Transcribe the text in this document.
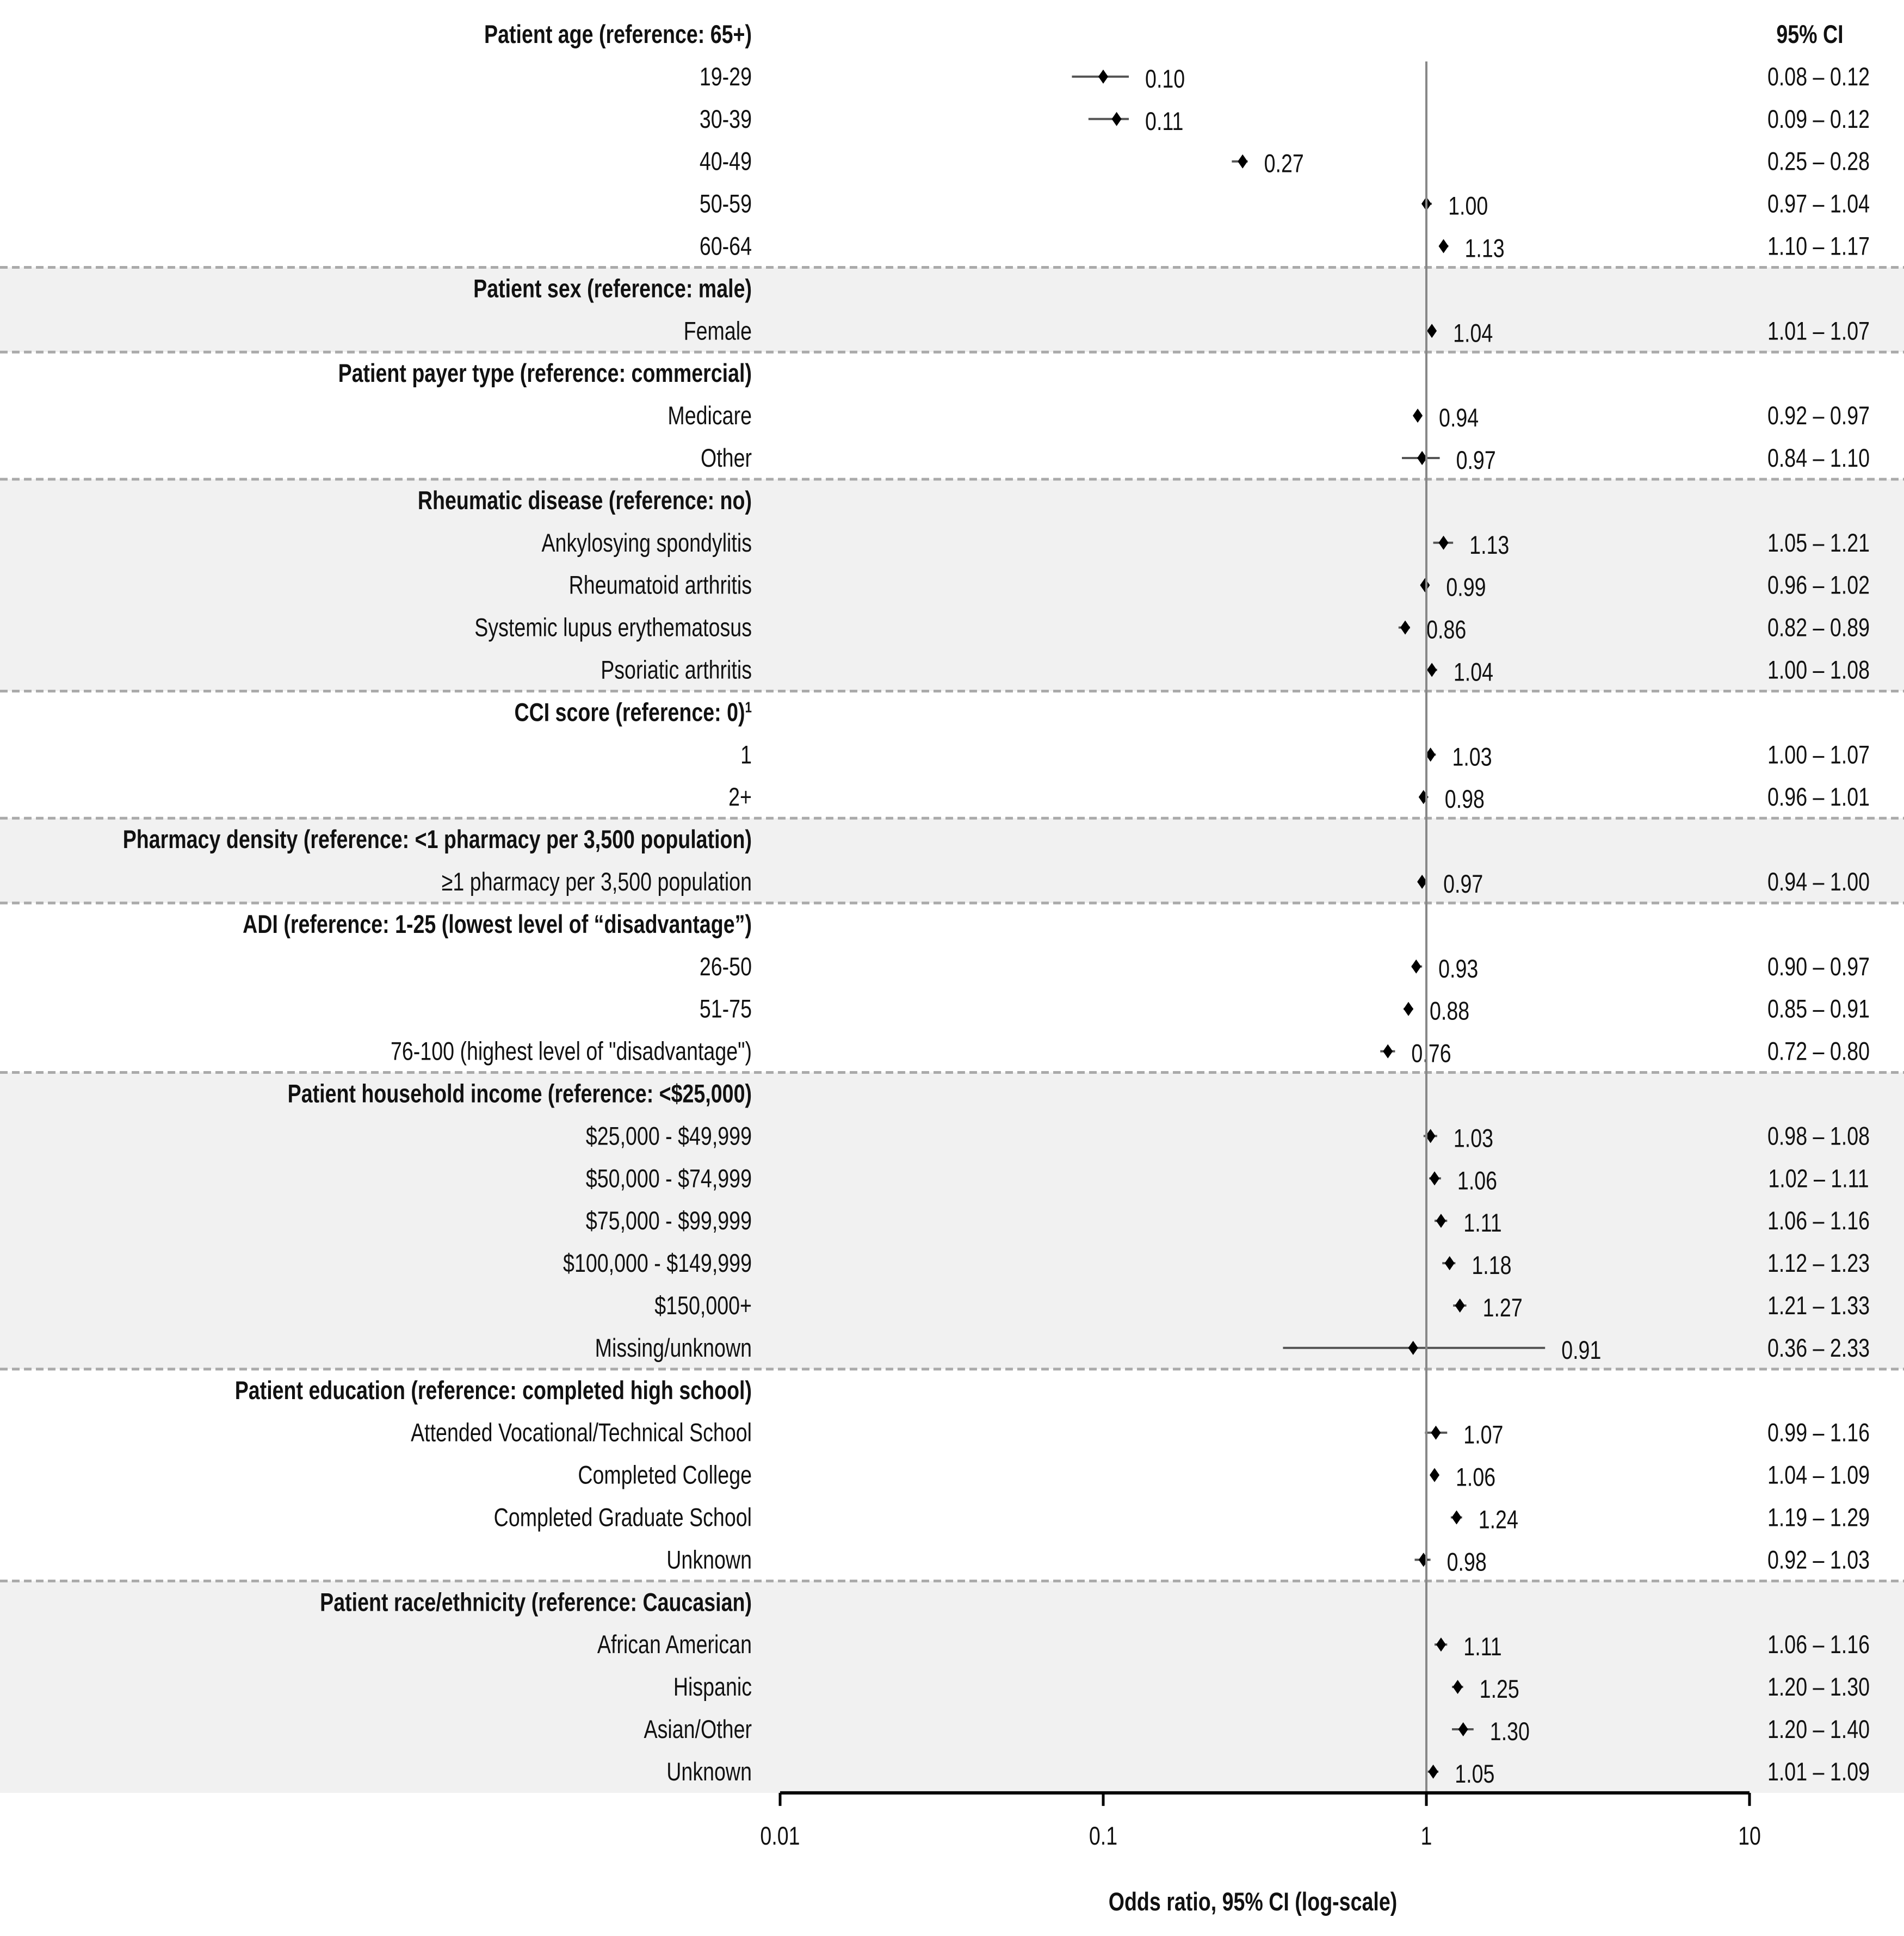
Patient age (reference: 65+)
19-29	0.10	0.08 – 0.12
30-39	0.11	0.09 – 0.12
40-49	0.27	0.25 – 0.28
50-59	1.00	0.97 – 1.04
60-64	1.13	1.10 – 1.17
Patient sex (reference: male)
Female	1.04	1.01 – 1.07
Patient payer type (reference: commercial)
Medicare	0.94	0.92 – 0.97
Other	0.97	0.84 – 1.10
Rheumatic disease (reference: no)
Ankylosying spondylitis	1.13	1.05 – 1.21
Rheumatoid arthritis	0.99	0.96 – 1.02
Systemic lupus erythematosus	0.86	0.82 – 0.89
Psoriatic arthritis	1.04	1.00 – 1.08
CCI score (reference: 0)$^1$
1	1.03	1.00 – 1.07
2+	0.98	0.96 – 1.01
Pharmacy density (reference: <1 pharmacy per 3,500 population)
≥1 pharmacy per 3,500 population	0.97	0.94 – 1.00
ADI (reference: 1-25 (lowest level of “disadvantage”)
26-50	0.93	0.90 – 0.97
51-75	0.88	0.85 – 0.91
76-100 (highest level of "disadvantage")	0.76	0.72 – 0.80
Patient household income (reference: <$25,000)
$25,000 - $49,999	1.03	0.98 – 1.08
$50,000 - $74,999	1.06	1.02 – 1.11
$75,000 - $99,999	1.11	1.06 – 1.16
$100,000 - $149,999	1.18	1.12 – 1.23
$150,000+	1.27	1.21 – 1.33
Missing/unknown	0.91	0.36 – 2.33
Patient education (reference: completed high school)
Attended Vocational/Technical School	1.07	0.99 – 1.16
Completed College	1.06	1.04 – 1.09
Completed Graduate School	1.24	1.19 – 1.29
Unknown	0.98	0.92 – 1.03
Patient race/ethnicity (reference: Caucasian)
African American	1.11	1.06 – 1.16
Hispanic	1.25	1.20 – 1.30
Asian/Other	1.30	1.20 – 1.40
Unknown	1.05	1.01 – 1.09
95% CI
0.01	0.1	1	10
Odds ratio, 95% CI (log-scale)
